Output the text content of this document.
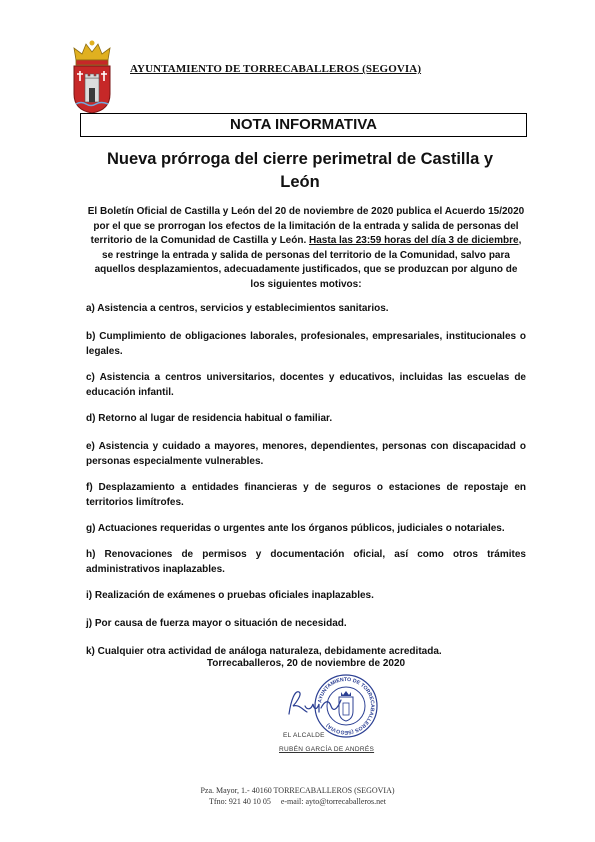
AYUNTAMIENTO DE TORRECABALLEROS (SEGOVIA)
NOTA INFORMATIVA
Nueva prórroga del cierre perimetral de Castilla y
León
El Boletín Oficial de Castilla y León del 20 de noviembre de 2020 publica el Acuerdo 15/2020 por el que se prorrogan los efectos de la limitación de la entrada y salida de personas del territorio de la Comunidad de Castilla y León. Hasta las 23:59 horas del día 3 de diciembre, se restringe la entrada y salida de personas del territorio de la Comunidad, salvo para aquellos desplazamientos, adecuadamente justificados, que se produzcan por alguno de los siguientes motivos:
a) Asistencia a centros, servicios y establecimientos sanitarios.
b) Cumplimiento de obligaciones laborales, profesionales, empresariales, institucionales o legales.
c) Asistencia a centros universitarios, docentes y educativos, incluidas las escuelas de educación infantil.
d) Retorno al lugar de residencia habitual o familiar.
e) Asistencia y cuidado a mayores, menores, dependientes, personas con discapacidad o personas especialmente vulnerables.
f) Desplazamiento a entidades financieras y de seguros o estaciones de repostaje en territorios limítrofes.
g) Actuaciones requeridas o urgentes ante los órganos públicos, judiciales o notariales.
h) Renovaciones de permisos y documentación oficial, así como otros trámites administrativos inaplazables.
i) Realización de exámenes o pruebas oficiales inaplazables.
j) Por causa de fuerza mayor o situación de necesidad.
k) Cualquier otra actividad de análoga naturaleza, debidamente acreditada.
Torrecaballeros, 20 de noviembre de 2020
AYUNTAMIENTO DE TORRECABALLEROS (SEGOVIA)
EL ALCALDE
RUBÉN GARCÍA DE ANDRÉS
Pza. Mayor, 1.- 40160 TORRECABALLEROS (SEGOVIA)
Tfno: 921 40 10 05 e-mail: ayto@torrecaballeros.net
